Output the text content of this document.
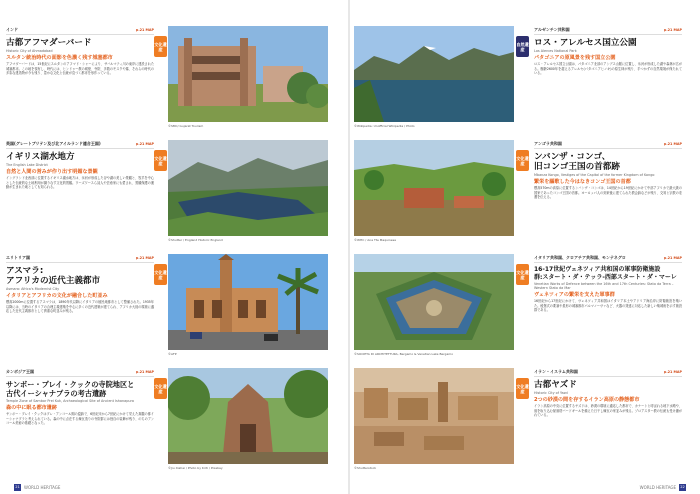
インド	p.21 MAP
古都アフマダーバード
Historic City of Ahmadabad
スルタン統治時代の面影を色濃く残す城塞都市
アフマダーバードは、15世紀にスルタンのアフマド・シャーにより、サバルマティ川の東岸に建設された城塞都市。この地を領有し、時代には、ヒンドゥー教の城壁、寺院、多数のモスクや墓、それらの時代の多彩な建造物が今も残り、豊かな文化と伝統が息づく都市を形作っている。
文化遺産
©SMC/ Gujarat Tourism
英国(グレートブリテン及び北アイルランド連合王国)	p.21 MAP
イギリス湖水地方
The English Lake District
自然と人間の営みが作り出す明媚な景観
イングランド北西部に位置するイギリス湖水地方は、氷河が形成した谷や湖の美しい景観と、牧羊を中心とした伝統的な土地利用が織りなす文化的景観。ワーズワースら詩人や芸術家にも愛され、景観保護の運動が生まれた地としても知られる。
文化遺産
©Shutter / England Historic England
エリトリア国	p.21 MAP
アスマラ:
アフリカの近代主義都市
Asmara: Africa's Modernist City
イタリアとアフリカの文化が融合した町並み
標高2000mに位置するアスマラは、1890年代以降にイタリアの植民地都市として整備された。1935年以降には、当時のイタリアの合理主義建築を中心に多くの近代建築が建てられ、アフリカ大陸の環境に適応した近代主義都市として貴重な町並みが残る。
文化遺産
©AFP
カンボジア王国	p.21 MAP
サンボー・プレイ・クックの寺院地区と
古代イーシャナプラの考古遺跡
Temple Zone of Sambor Prei Kuk, Archaeological Site of Ancient Ishanapura
森の中に眠る都市遺跡
サンボー・プレイ・クックはプレ・アンコール期の遺跡で、6世紀末から7世紀にかけて栄えた真臘の都イーシャナプラと考えられている。森の中に点在する煉瓦造りの寺院群には独自の装飾が残り、のちのアンコール美術の基礎となった。
文化遺産
©Jiu Xiahai / Photo by Kirti / Pixabay
21	WORLD HERITAGE
©Wikipedia: Unofficial Wikipedia / Photo
自然遺産
アルゼンチン共和国	p.21 MAP
ロス・アレルセス国立公園
Los Alerces National Park
パタゴニアの原風景を残す国立公園
ロス・アレルセス国立公園は、パタゴニア北部のアンデス山脈に位置し、氷河が形成した湖や森林が広がる。樹齢2600年を超えるアレルセ(パタゴニアヒノキ)の原生林が残り、手つかずの自然環境が保たれている。
©WHC / Ana Tte Maquinesa
文化遺産
アンゴラ共和国	p.21 MAP
ンバンザ・コンゴ、
旧コンゴ王国の首都跡
Mbanza Kongo, Vestiges of the Capital of the former Kingdom of Kongo
繁栄を謳歌した今はなきコンゴ王国の首都
標高570mの高原に位置するンバンザ・コンゴは、14世紀から19世紀にかけて中部アフリカで最大級の国家であったコンゴ王国の首都。ヨーロッパ人の到来後に建てられた教会跡などが残り、交易と宗教の変遷を伝える。
©SOCIETA DI ARCHITETTURA, Bergamo & Venetian Lake Bergamo
文化遺産
イタリア共和国、クロアチア共和国、モンテネグロ	p.21 MAP
16-17世紀ヴェネツィア共和国の軍事防衛施設
群:スタート・ダ・テッラ-西部スタート・ダ・マーレ
Venetian Works of Defence between the 16th and 17th Centuries: Stato da Terra – Western Stato da Mar
ヴェネツィアの繁栄を支えた軍事群
16世紀から17世紀にかけて、ヴェネツィア共和国はイタリア本土やアドリア海沿岸に防衛施設を築いた。稜堡式の要塞や星形の城塞都市パルマノーヴァなど、火器の発達に対応した新しい築城術を示す施設群である。
©Shutterstock
文化遺産
イラン・イスラム共和国	p.21 MAP
古都ヤズド
Historic City of Yazd
2つの砂漠の間を存するイラン高原の静態都市
イラン高原の中央に位置するヤズドは、砂漠の環境に適応した都市で、カナートと呼ばれる地下水路や、風を取り込む採風塔バードギールを備えた日干し煉瓦の家並みが残る。ゾロアスター教の伝統も受け継がれている。
WORLD HERITAGE	22
